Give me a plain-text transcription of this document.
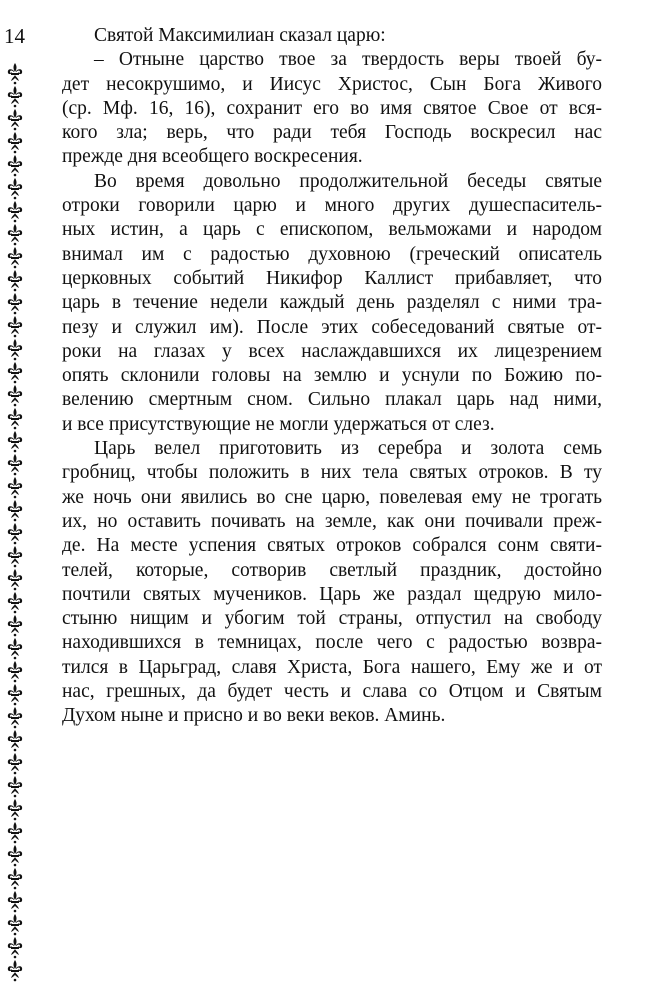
14	Святой Максимилиан сказал царю:
– Отныне царство твое за твердость веры твоей бу-
дет несокрушимо, и Иисус Христос, Сын Бога Живого
(ср. Мф. 16, 16), сохранит его во имя святое Свое от вся-
кого зла; верь, что ради тебя Господь воскресил нас
прежде дня всеобщего воскресения.
Во время довольно продолжительной беседы святые
отроки говорили царю и много других душеспаситель-
ных истин, а царь с епископом, вельможами и народом
внимал им с радостью духовною (греческий описатель
церковных событий Никифор Каллист прибавляет, что
царь в течение недели каждый день разделял с ними тра-
пезу и служил им). После этих собеседований святые от-
роки на глазах у всех наслаждавшихся их лицезрением
опять склонили головы на землю и уснули по Божию по-
велению смертным сном. Сильно плакал царь над ними,
и все присутствующие не могли удержаться от слез.
Царь велел приготовить из серебра и золота семь
гробниц, чтобы положить в них тела святых отроков. В ту
же ночь они явились во сне царю, повелевая ему не трогать
их, но оставить почивать на земле, как они почивали преж-
де. На месте успения святых отроков собрался сонм святи-
телей, которые, сотворив светлый праздник, достойно
почтили святых мучеников. Царь же раздал щедрую мило-
стыню нищим и убогим той страны, отпустил на свободу
находившихся в темницах, после чего с радостью возвра-
тился в Царьград, славя Христа, Бога нашего, Ему же и от
нас, грешных, да будет честь и слава со Отцом и Святым
Духом ныне и присно и во веки веков. Аминь.
